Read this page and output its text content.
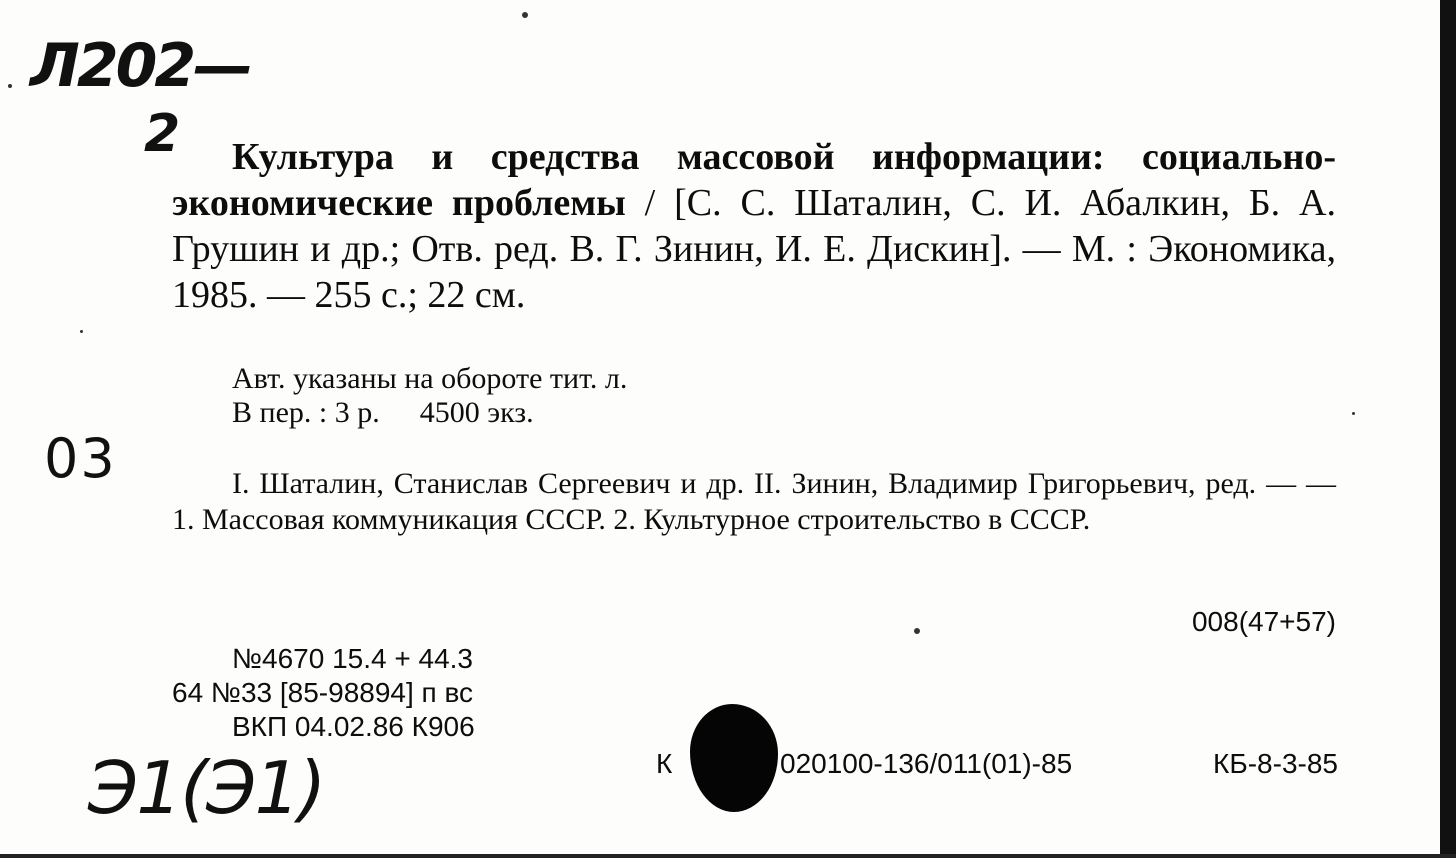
Л202—
2
03
Э1(Э1)

Культура и средства массовой информации: социально-экономические проблемы / [С. С. Шаталин, С. И. Абалкин, Б. А. Грушин и др.; Отв. ред. В. Г. Зинин, И. Е. Дискин]. — М. : Экономика, 1985. — 255 с.; 22 см.

Авт. указаны на обороте тит. л.

В пер. : 3 р. 4500 экз.

I. Шаталин, Станислав Сергеевич и др. II. Зинин, Владимир Григорьевич, ред. — — 1. Массовая коммуникация СССР. 2. Культурное строительство в СССР.

008(47+57)
№4670 15.4 + 44.3
64 №33 [85-98894] п вс
ВКП 04.02.86 К906
К	020100-136/011(01)-85	КБ-8-3-85
